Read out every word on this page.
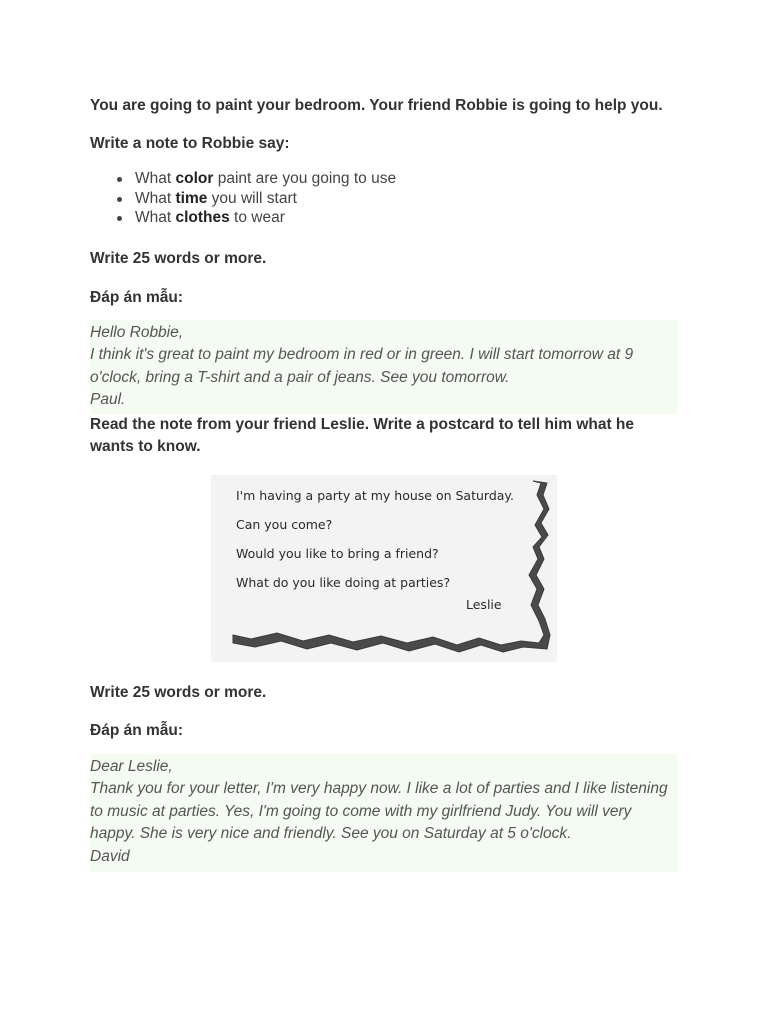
You are going to paint your bedroom. Your friend Robbie is going to help you.

Write a note to Robbie say:

What color paint are you going to use
What time you will start
What clothes to wear

Write 25 words or more.

Đáp án mẫu:

Hello Robbie,
I think it's great to paint my bedroom in red or in green. I will start tomorrow at 9 o'clock, bring a T-shirt and a pair of jeans. See you tomorrow.
Paul.

Read the note from your friend Leslie. Write a postcard to tell him what he wants to know.

I'm having a party at my house on Saturday.
Can you come?
Would you like to bring a friend?
What do you like doing at parties?
Leslie

Write 25 words or more.

Đáp án mẫu:

Dear Leslie,
Thank you for your letter, I'm very happy now. I like a lot of parties and I like listening to music at parties. Yes, I'm going to come with my girlfriend Judy. You will very happy. She is very nice and friendly. See you on Saturday at 5 o'clock.
David
